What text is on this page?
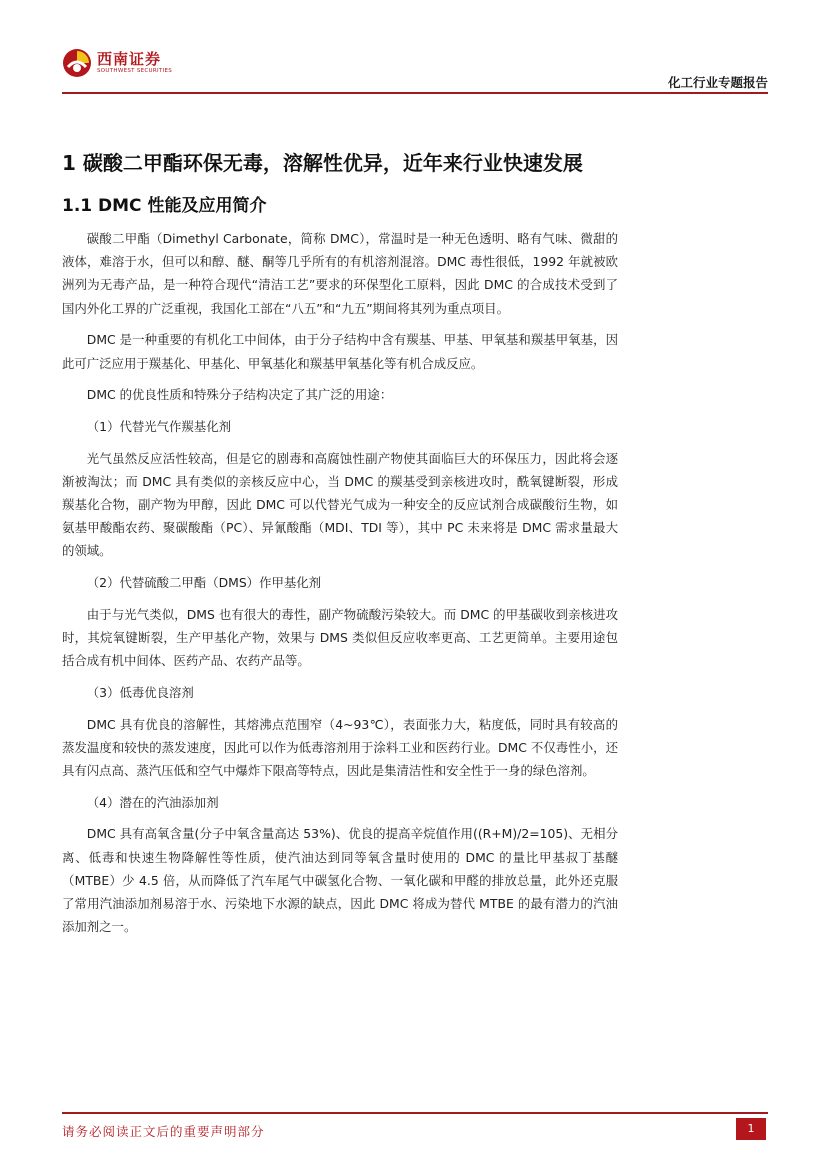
西南证券
SOUTHWEST SECURITIES
化工行业专题报告
1 碳酸二甲酯环保无毒，溶解性优异，近年来行业快速发展
1.1 DMC 性能及应用简介

碳酸二甲酯（Dimethyl Carbonate，简称 DMC），常温时是一种无色透明、略有气味、微甜的液体，难溶于水，但可以和醇、醚、酮等几乎所有的有机溶剂混溶。DMC 毒性很低，1992 年就被欧洲列为无毒产品，是一种符合现代“清洁工艺”要求的环保型化工原料，因此 DMC 的合成技术受到了国内外化工界的广泛重视，我国化工部在“八五”和“九五”期间将其列为重点项目。

DMC 是一种重要的有机化工中间体，由于分子结构中含有羰基、甲基、甲氧基和羰基甲氧基，因此可广泛应用于羰基化、甲基化、甲氧基化和羰基甲氧基化等有机合成反应。

DMC 的优良性质和特殊分子结构决定了其广泛的用途：

（1）代替光气作羰基化剂

光气虽然反应活性较高，但是它的剧毒和高腐蚀性副产物使其面临巨大的环保压力，因此将会逐渐被淘汰；而 DMC 具有类似的亲核反应中心，当 DMC 的羰基受到亲核进攻时，酰氧键断裂，形成羰基化合物，副产物为甲醇，因此 DMC 可以代替光气成为一种安全的反应试剂合成碳酸衍生物，如氨基甲酸酯农药、聚碳酸酯（PC）、异氰酸酯（MDI、TDI 等），其中 PC 未来将是 DMC 需求量最大的领域。

（2）代替硫酸二甲酯（DMS）作甲基化剂

由于与光气类似，DMS 也有很大的毒性，副产物硫酸污染较大。而 DMC 的甲基碳收到亲核进攻时，其烷氧键断裂，生产甲基化产物，效果与 DMS 类似但反应收率更高、工艺更简单。主要用途包括合成有机中间体、医药产品、农药产品等。

（3）低毒优良溶剂

DMC 具有优良的溶解性，其熔沸点范围窄（4~93℃），表面张力大，粘度低，同时具有较高的蒸发温度和较快的蒸发速度，因此可以作为低毒溶剂用于涂料工业和医药行业。DMC 不仅毒性小，还具有闪点高、蒸汽压低和空气中爆炸下限高等特点，因此是集清洁性和安全性于一身的绿色溶剂。

（4）潜在的汽油添加剂

DMC 具有高氧含量(分子中氧含量高达 53%)、优良的提高辛烷值作用((R+M)/2=105)、无相分离、低毒和快速生物降解性等性质，使汽油达到同等氧含量时使用的 DMC 的量比甲基叔丁基醚（MTBE）少 4.5 倍，从而降低了汽车尾气中碳氢化合物、一氧化碳和甲醛的排放总量，此外还克服了常用汽油添加剂易溶于水、污染地下水源的缺点，因此 DMC 将成为替代 MTBE 的最有潜力的汽油添加剂之一。

请务必阅读正文后的重要声明部分	1
